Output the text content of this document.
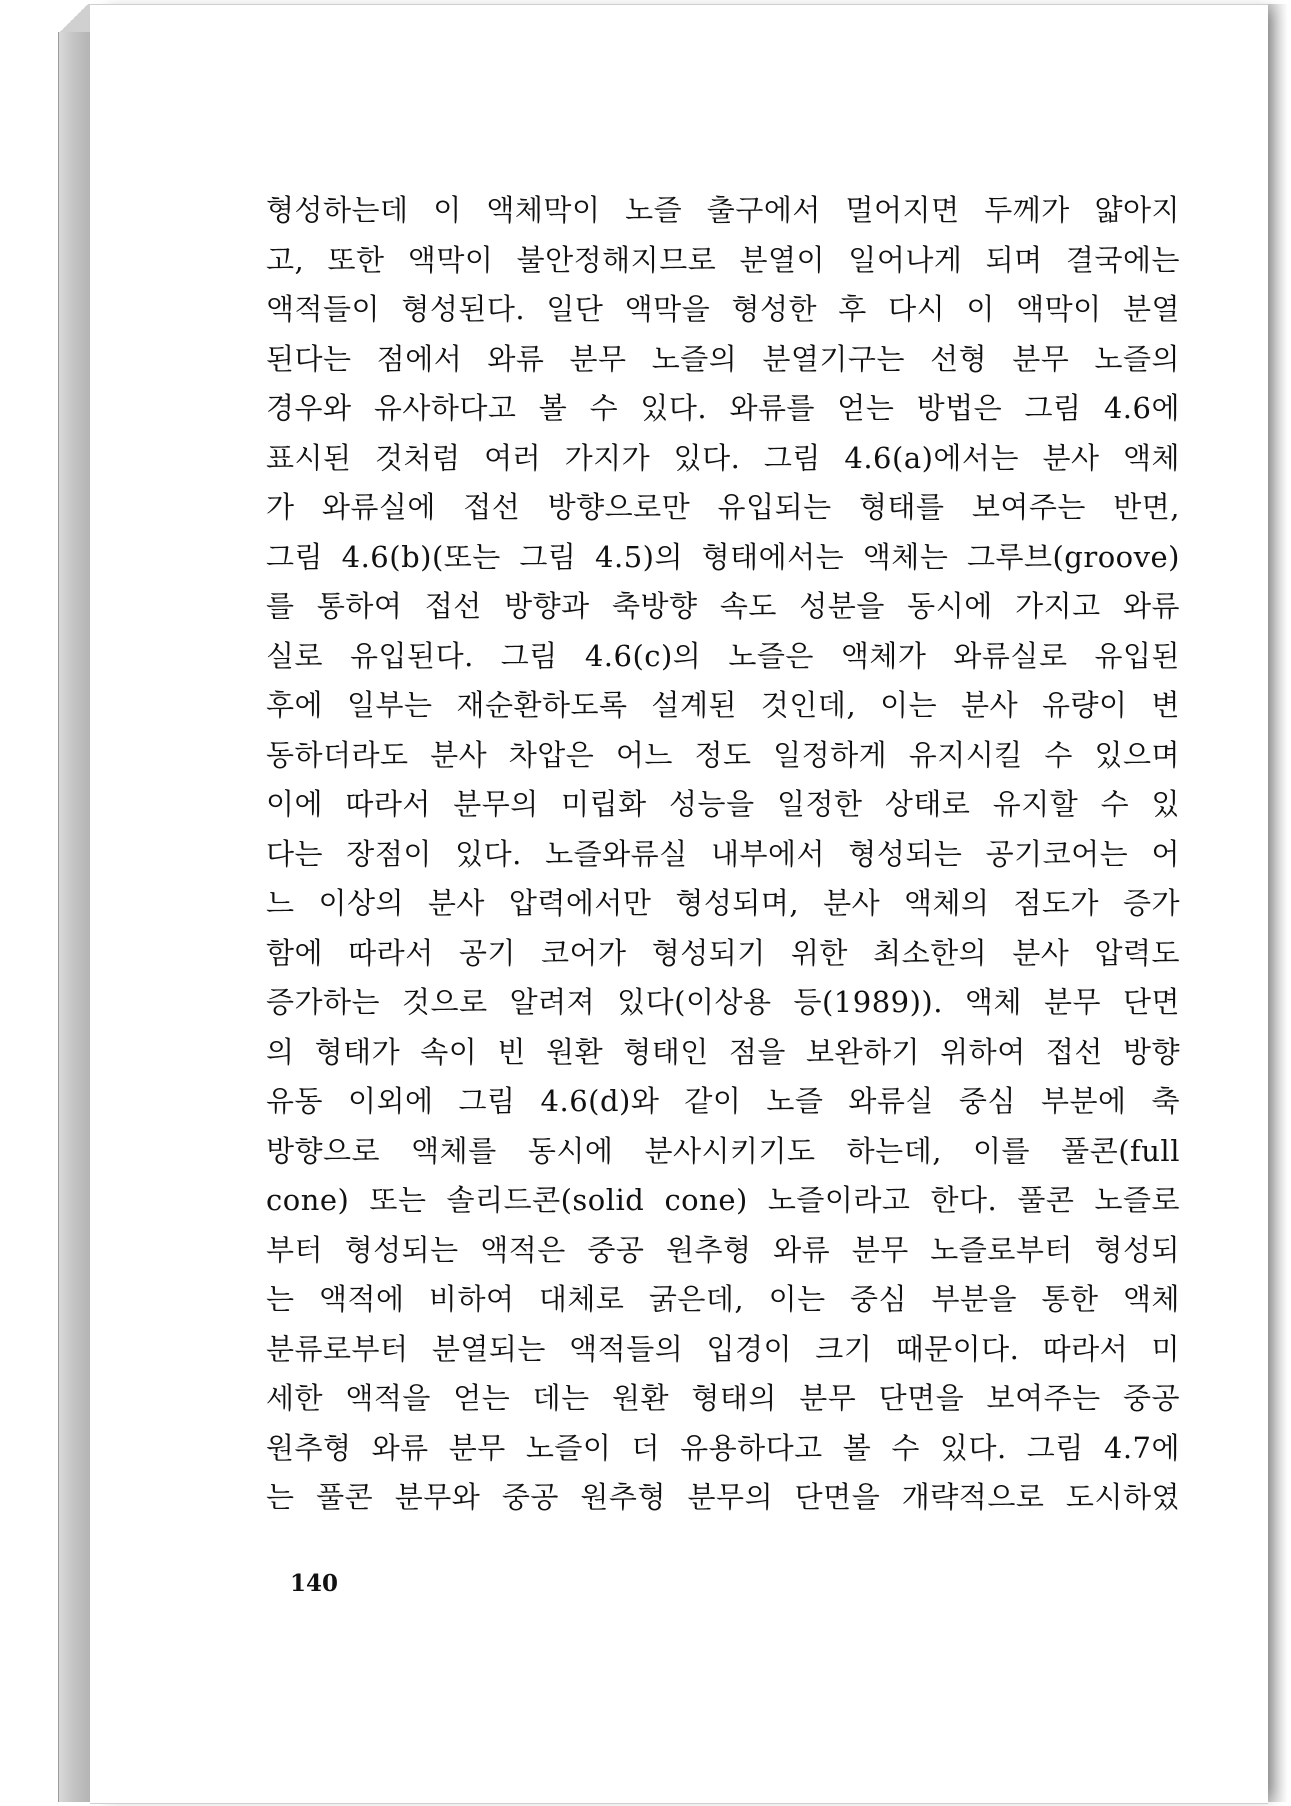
형성하는데 이 액체막이 노즐 출구에서 멀어지면 두께가 얇아지
고, 또한 액막이 불안정해지므로 분열이 일어나게 되며 결국에는
액적들이 형성된다. 일단 액막을 형성한 후 다시 이 액막이 분열
된다는 점에서 와류 분무 노즐의 분열기구는 선형 분무 노즐의
경우와 유사하다고 볼 수 있다. 와류를 얻는 방법은 그림 4.6에
표시된 것처럼 여러 가지가 있다. 그림 4.6(a)에서는 분사 액체
가 와류실에 접선 방향으로만 유입되는 형태를 보여주는 반면,
그림 4.6(b)(또는 그림 4.5)의 형태에서는 액체는 그루브(groove)
를 통하여 접선 방향과 축방향 속도 성분을 동시에 가지고 와류
실로 유입된다. 그림 4.6(c)의 노즐은 액체가 와류실로 유입된
후에 일부는 재순환하도록 설계된 것인데, 이는 분사 유량이 변
동하더라도 분사 차압은 어느 정도 일정하게 유지시킬 수 있으며
이에 따라서 분무의 미립화 성능을 일정한 상태로 유지할 수 있
다는 장점이 있다. 노즐와류실 내부에서 형성되는 공기코어는 어
느 이상의 분사 압력에서만 형성되며, 분사 액체의 점도가 증가
함에 따라서 공기 코어가 형성되기 위한 최소한의 분사 압력도
증가하는 것으로 알려져 있다(이상용 등(1989)). 액체 분무 단면
의 형태가 속이 빈 원환 형태인 점을 보완하기 위하여 접선 방향
유동 이외에 그림 4.6(d)와 같이 노즐 와류실 중심 부분에 축
방향으로 액체를 동시에 분사시키기도 하는데, 이를 풀콘(full
cone) 또는 솔리드콘(solid cone) 노즐이라고 한다. 풀콘 노즐로
부터 형성되는 액적은 중공 원추형 와류 분무 노즐로부터 형성되
는 액적에 비하여 대체로 굵은데, 이는 중심 부분을 통한 액체
분류로부터 분열되는 액적들의 입경이 크기 때문이다. 따라서 미
세한 액적을 얻는 데는 원환 형태의 분무 단면을 보여주는 중공
원추형 와류 분무 노즐이 더 유용하다고 볼 수 있다. 그림 4.7에
는 풀콘 분무와 중공 원추형 분무의 단면을 개략적으로 도시하였

140
